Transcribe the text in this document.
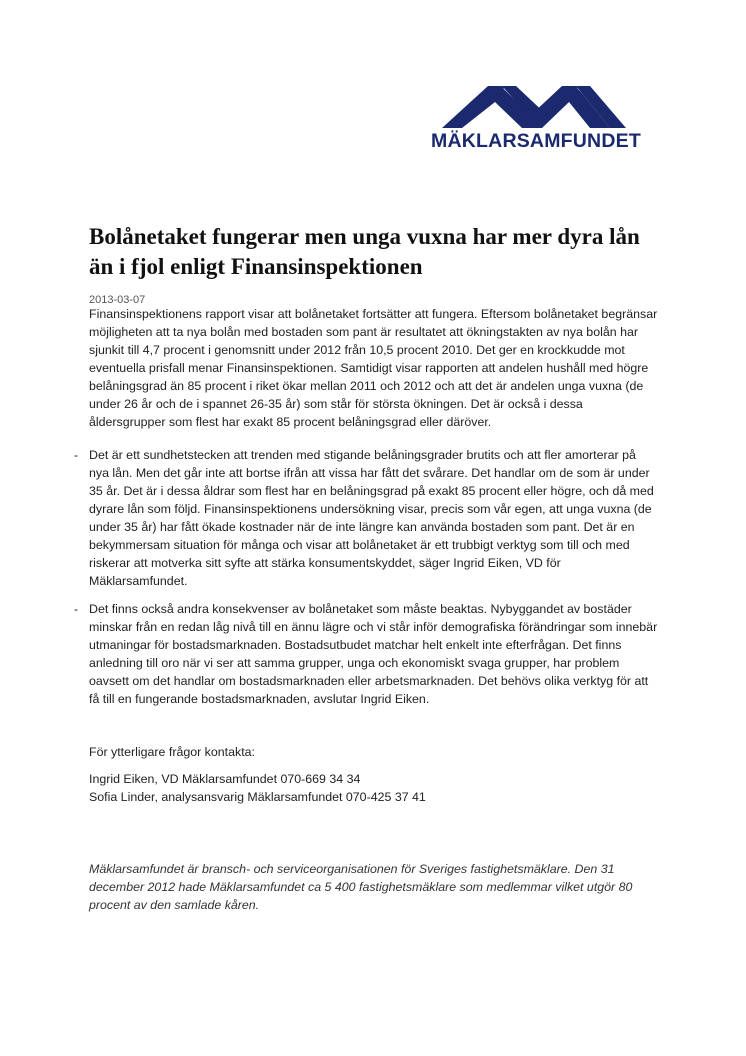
MÄKLARSAMFUNDET
Bolånetaket fungerar men unga vuxna har mer dyra lån än i fjol enligt Finansinspektionen
2013-03-07

Finansinspektionens rapport visar att bolånetaket fortsätter att fungera. Eftersom bolånetaket begränsar möjligheten att ta nya bolån med bostaden som pant är resultatet att ökningstakten av nya bolån har sjunkit till 4,7 procent i genomsnitt under 2012 från 10,5 procent 2010. Det ger en krockkudde mot eventuella prisfall menar Finansinspektionen. Samtidigt visar rapporten att andelen hushåll med högre belåningsgrad än 85 procent i riket ökar mellan 2011 och 2012 och att det är andelen unga vuxna (de under 26 år och de i spannet 26-35 år) som står för största ökningen. Det är också i dessa åldersgrupper som flest har exakt 85 procent belåningsgrad eller däröver.

- Det är ett sundhetstecken att trenden med stigande belåningsgrader brutits och att fler amorterar på nya lån. Men det går inte att bortse ifrån att vissa har fått det svårare. Det handlar om de som är under 35 år. Det är i dessa åldrar som flest har en belåningsgrad på exakt 85 procent eller högre, och då med dyrare lån som följd. Finansinspektionens undersökning visar, precis som vår egen, att unga vuxna (de under 35 år) har fått ökade kostnader när de inte längre kan använda bostaden som pant. Det är en bekymmersam situation för många och visar att bolånetaket är ett trubbigt verktyg som till och med riskerar att motverka sitt syfte att stärka konsumentskyddet, säger Ingrid Eiken, VD för Mäklarsamfundet.

- Det finns också andra konsekvenser av bolånetaket som måste beaktas. Nybyggandet av bostäder minskar från en redan låg nivå till en ännu lägre och vi står inför demografiska förändringar som innebär utmaningar för bostadsmarknaden. Bostadsutbudet matchar helt enkelt inte efterfrågan. Det finns anledning till oro när vi ser att samma grupper, unga och ekonomiskt svaga grupper, har problem oavsett om det handlar om bostadsmarknaden eller arbetsmarknaden. Det behövs olika verktyg för att få till en fungerande bostadsmarknaden, avslutar Ingrid Eiken.

För ytterligare frågor kontakta:

Ingrid Eiken, VD Mäklarsamfundet 070-669 34 34
Sofia Linder, analysansvarig Mäklarsamfundet 070-425 37 41

Mäklarsamfundet är bransch- och serviceorganisationen för Sveriges fastighetsmäklare. Den 31 december 2012 hade Mäklarsamfundet ca 5 400 fastighetsmäklare som medlemmar vilket utgör 80 procent av den samlade kåren.
